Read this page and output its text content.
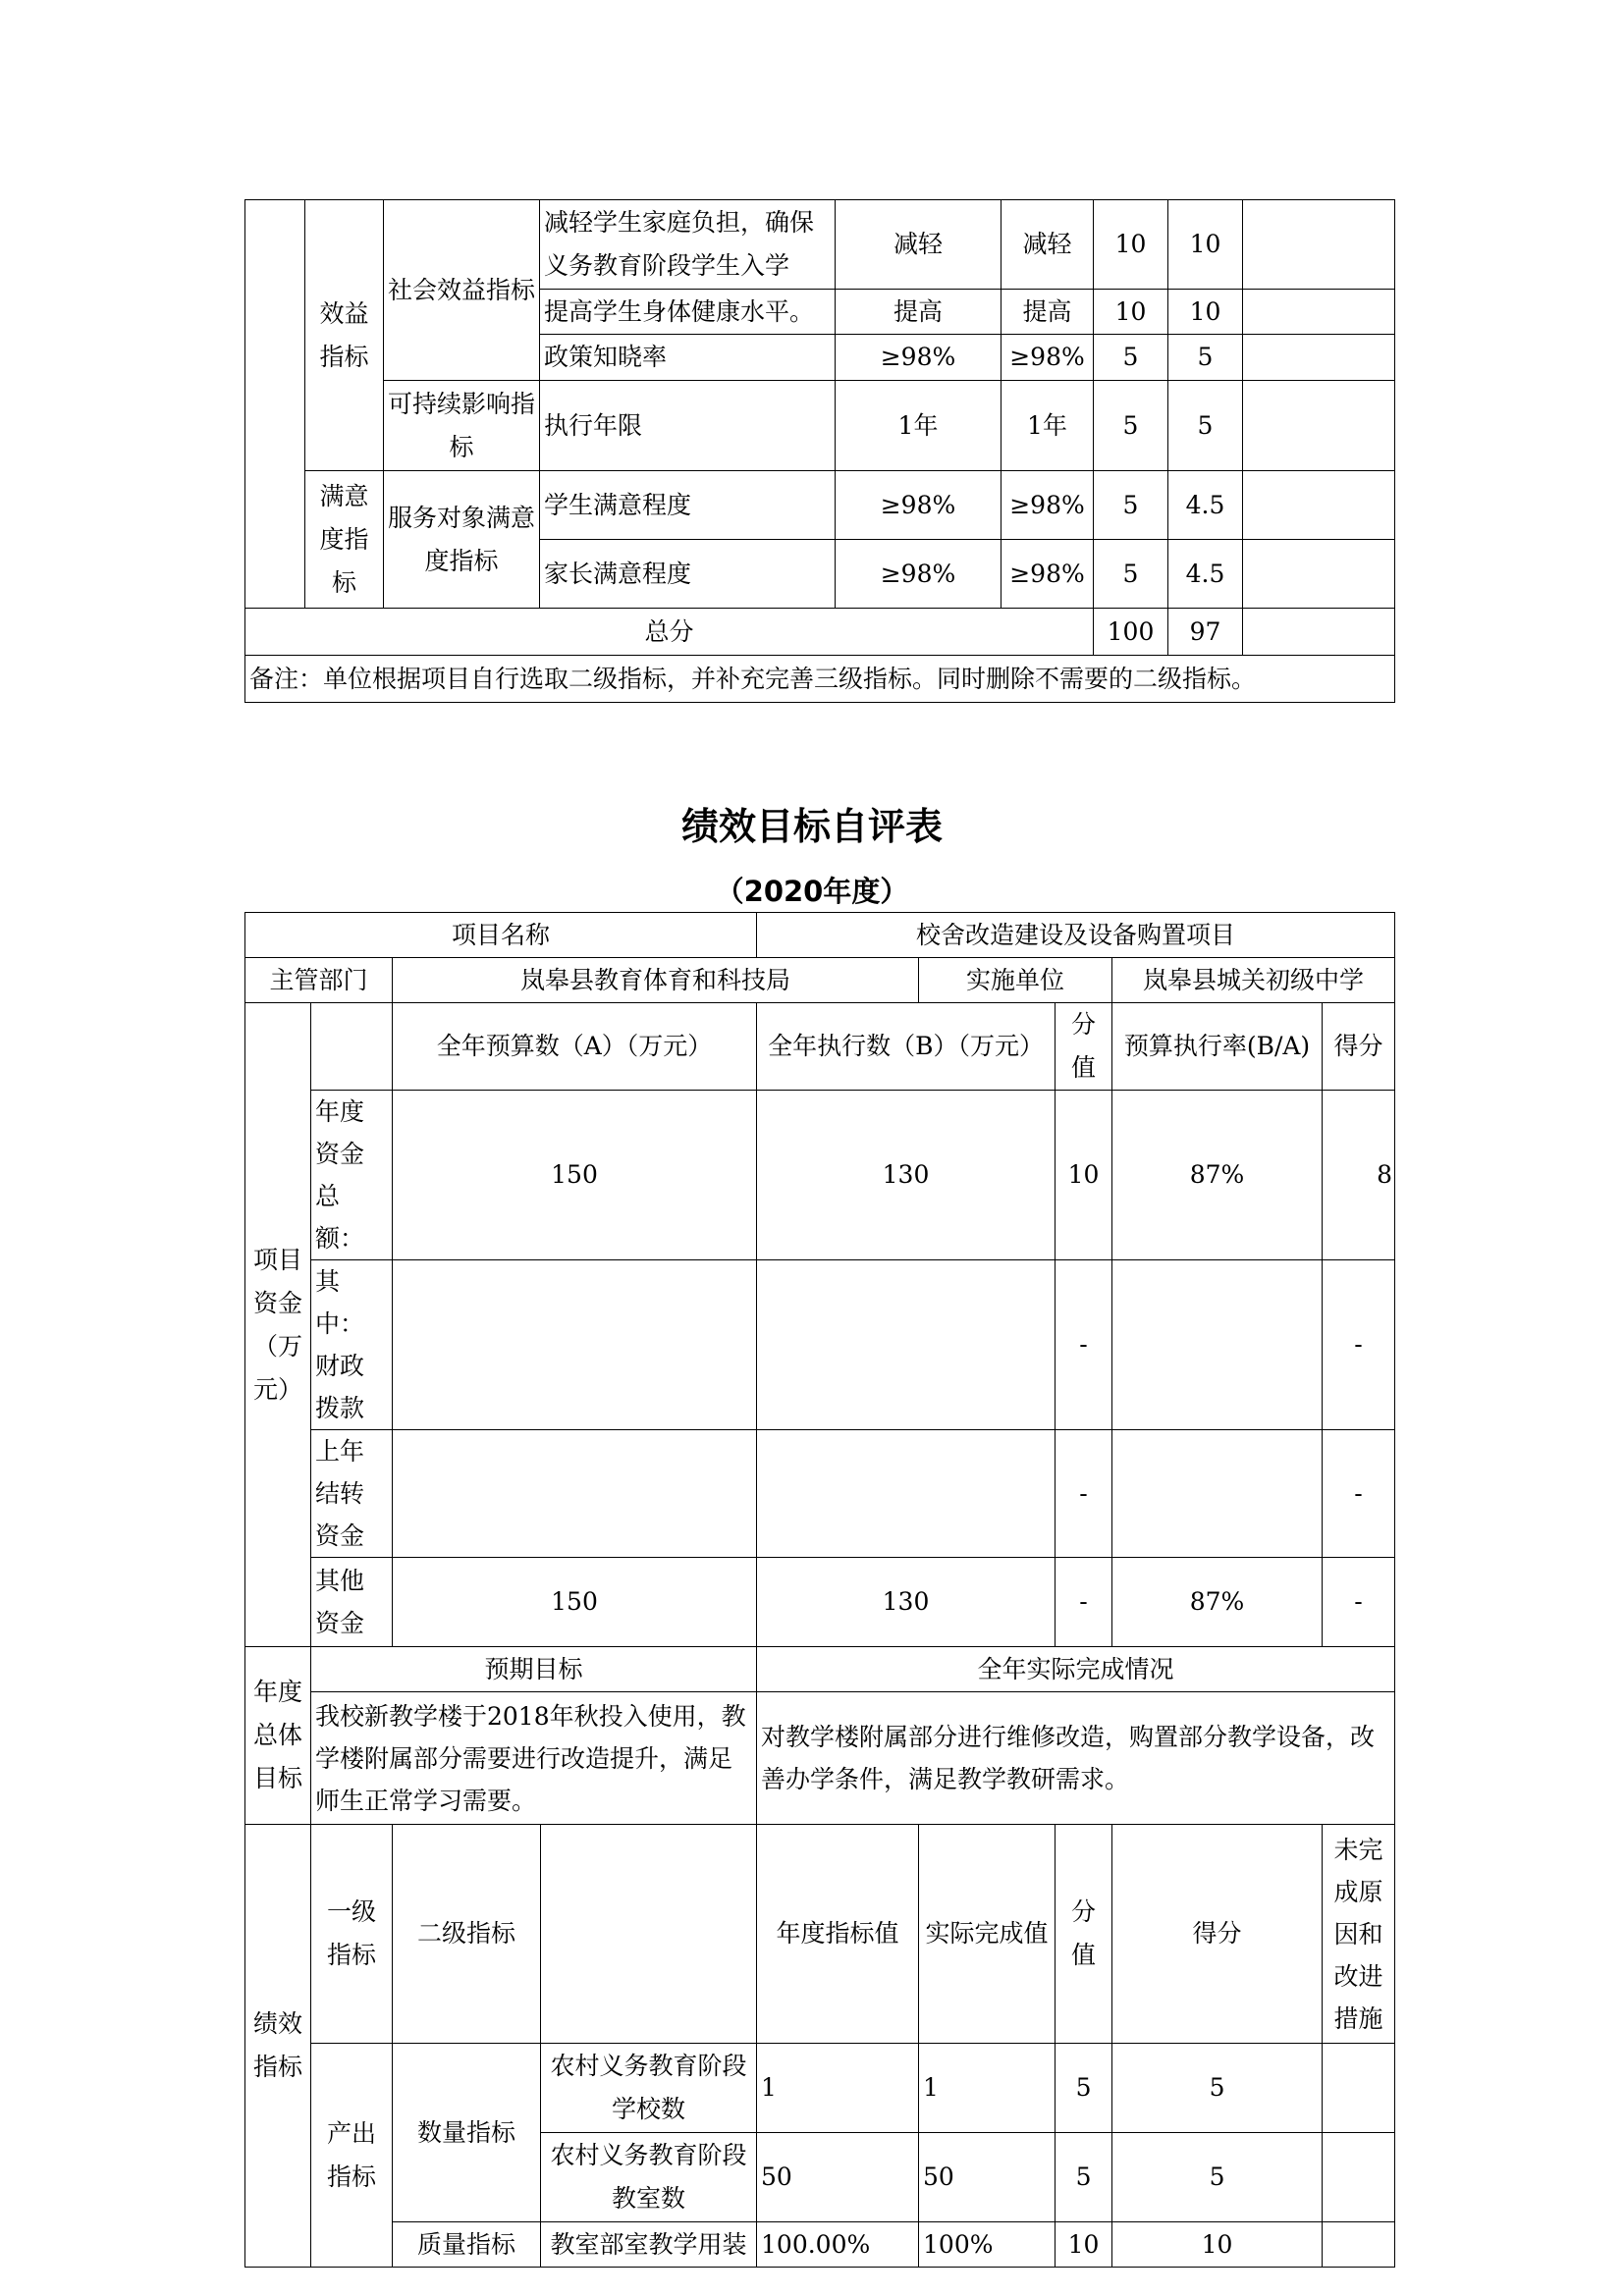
	效益指标	社会效益指标	减轻学生家庭负担，确保义务教育阶段学生入学	减轻	减轻	10	10	
			提高学生身体健康水平。	提高	提高	10	10	
			政策知晓率	≥98%	≥98%	5	5	
		可持续影响指标	执行年限	1年	1年	5	5	
	满意度指标	服务对象满意度指标	学生满意程度	≥98%	≥98%	5	4.5	
			家长满意程度	≥98%	≥98%	5	4.5	
总分						100	97	
备注：单位根据项目自行选取二级指标，并补充完善三级指标。同时删除不需要的二级指标。								
绩效目标自评表
（2020年度）
项目名称				校舍改造建设及设备购置项目				
主管部门		岚皋县教育体育和科技局			实施单位		岚皋县城关初级中学	
项目资金（万元）		全年预算数（A）（万元）		全年执行数（B）（万元）		分值	预算执行率(B/A)	得分
	年度资金总额：	150		130		10	87%	8
	其中：财政拨款					-		-
	上年结转资金					-		-
	其他资金	150		130		-	87%	-
年度总体目标	预期目标			全年实际完成情况				
	我校新教学楼于2018年秋投入使用，教学楼附属部分需要进行改造提升，满足师生正常学习需要。			对教学楼附属部分进行维修改造，购置部分教学设备，改善办学条件，满足教学教研需求。				
绩效指标	一级指标	二级指标		年度指标值	实际完成值	分值	得分	未完成原因和改进措施
	产出指标	数量指标	农村义务教育阶段学校数	1	1	5	5	
			农村义务教育阶段教室数	50	50	5	5	
		质量指标	教室部室教学用装	100.00%	100%	10	10	
